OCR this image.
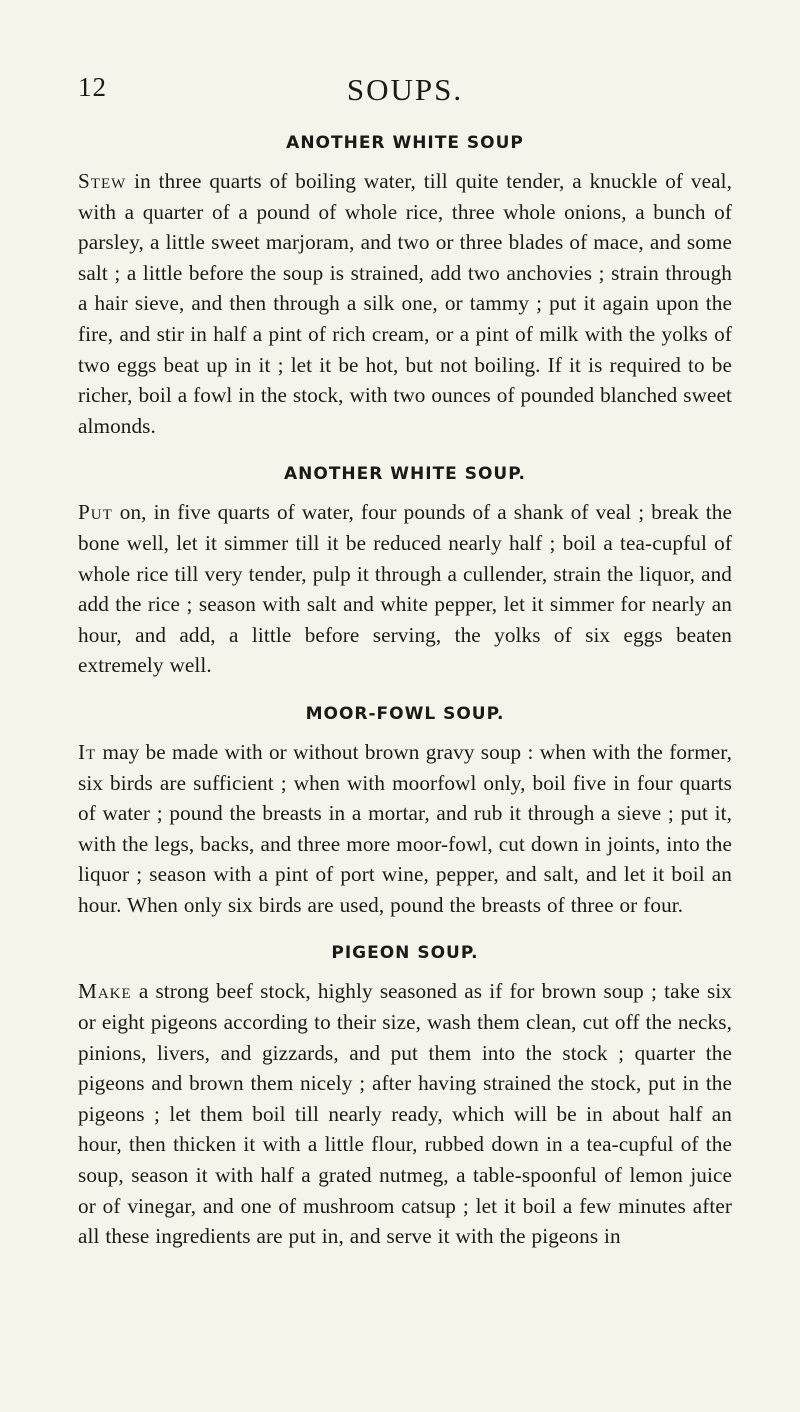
12	SOUPS.
ANOTHER WHITE SOUP

Stew in three quarts of boiling water, till quite tender, a knuckle of veal, with a quarter of a pound of whole rice, three whole onions, a bunch of parsley, a little sweet marjoram, and two or three blades of mace, and some salt ; a little before the soup is strained, add two anchovies ; strain through a hair sieve, and then through a silk one, or tammy ; put it again upon the fire, and stir in half a pint of rich cream, or a pint of milk with the yolks of two eggs beat up in it ; let it be hot, but not boiling. If it is required to be richer, boil a fowl in the stock, with two ounces of pounded blanched sweet almonds.

ANOTHER WHITE SOUP.

Put on, in five quarts of water, four pounds of a shank of veal ; break the bone well, let it simmer till it be reduced nearly half ; boil a tea-cupful of whole rice till very tender, pulp it through a cullender, strain the liquor, and add the rice ; season with salt and white pepper, let it simmer for nearly an hour, and add, a little before serving, the yolks of six eggs beaten extremely well.

MOOR-FOWL SOUP.

It may be made with or without brown gravy soup : when with the former, six birds are sufficient ; when with moorfowl only, boil five in four quarts of water ; pound the breasts in a mortar, and rub it through a sieve ; put it, with the legs, backs, and three more moor-fowl, cut down in joints, into the liquor ; season with a pint of port wine, pepper, and salt, and let it boil an hour. When only six birds are used, pound the breasts of three or four.

PIGEON SOUP.

Make a strong beef stock, highly seasoned as if for brown soup ; take six or eight pigeons according to their size, wash them clean, cut off the necks, pinions, livers, and gizzards, and put them into the stock ; quarter the pigeons and brown them nicely ; after having strained the stock, put in the pigeons ; let them boil till nearly ready, which will be in about half an hour, then thicken it with a little flour, rubbed down in a tea-cupful of the soup, season it with half a grated nutmeg, a table-spoonful of lemon juice or of vinegar, and one of mushroom catsup ; let it boil a few minutes after all these ingredients are put in, and serve it with the pigeons in
